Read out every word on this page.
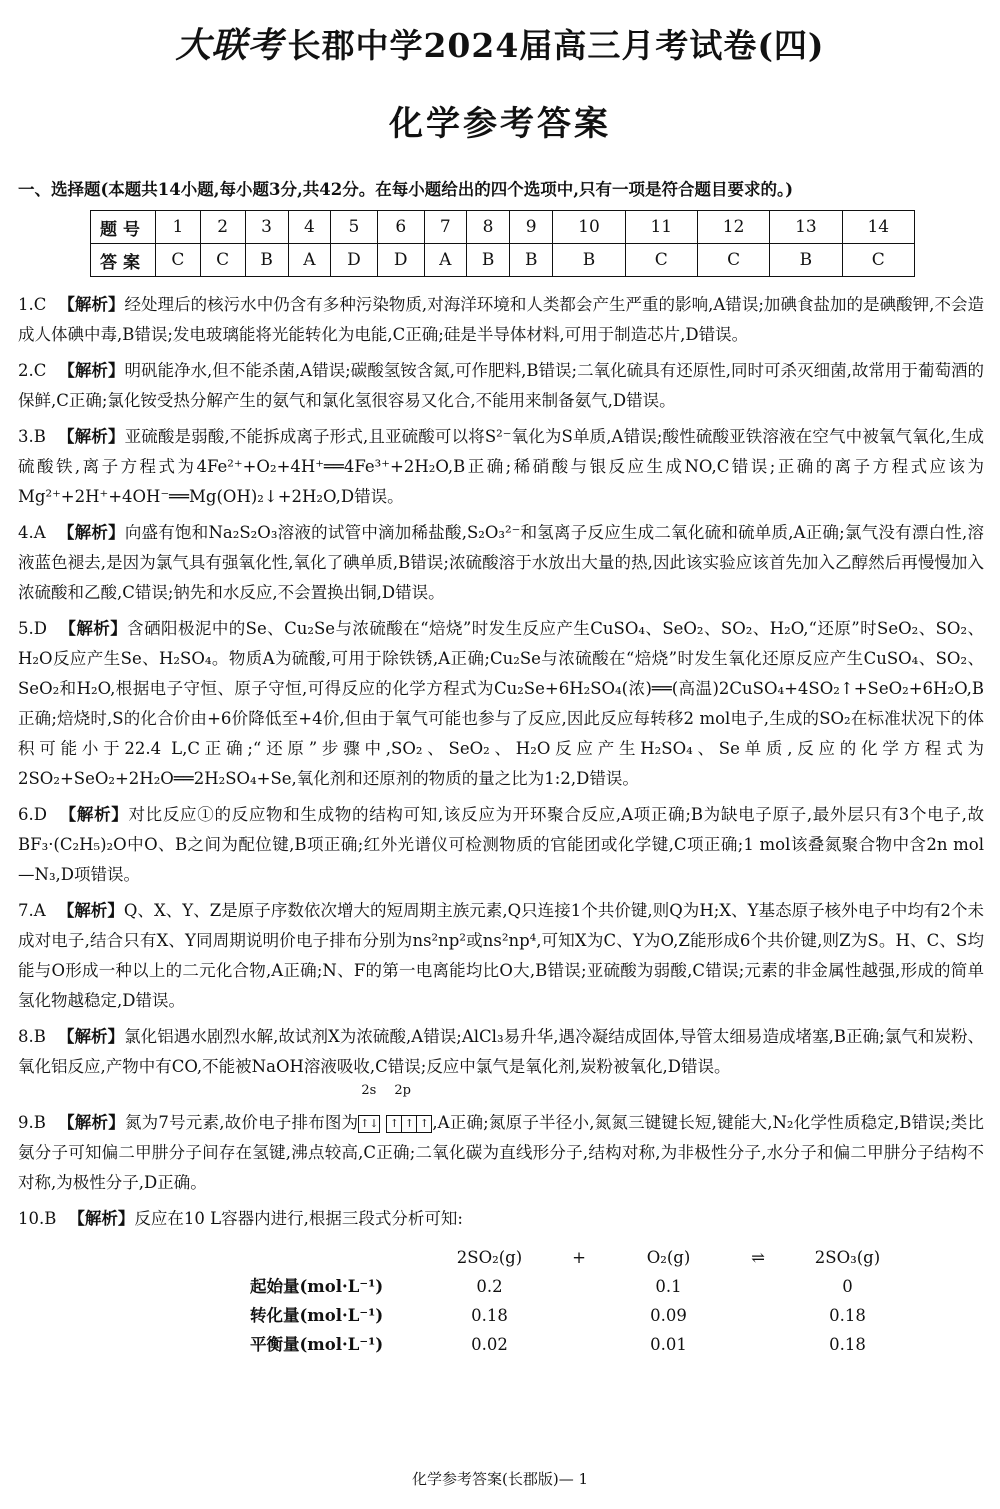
大联考 长郡中学2024届高三月考试卷(四)
化学参考答案
一、选择题(本题共14小题,每小题3分,共42分。在每小题给出的四个选项中,只有一项是符合题目要求的。)
题号	1	2	3	4	5	6	7	8	9	10	11	12	13	14
答案	C	C	B	A	D	D	A	B	B	B	C	C	B	C
1.C 【解析】经处理后的核污水中仍含有多种污染物质,对海洋环境和人类都会产生严重的影响,A错误;加碘食盐加的是碘酸钾,不会造成人体碘中毒,B错误;发电玻璃能将光能转化为电能,C正确;硅是半导体材料,可用于制造芯片,D错误。
2.C 【解析】明矾能净水,但不能杀菌,A错误;碳酸氢铵含氮,可作肥料,B错误;二氧化硫具有还原性,同时可杀灭细菌,故常用于葡萄酒的保鲜,C正确;氯化铵受热分解产生的氨气和氯化氢很容易又化合,不能用来制备氨气,D错误。
3.B 【解析】亚硫酸是弱酸,不能拆成离子形式,且亚硫酸可以将S²⁻氧化为S单质,A错误;酸性硫酸亚铁溶液在空气中被氧气氧化,生成硫酸铁,离子方程式为4Fe²⁺+O₂+4H⁺══4Fe³⁺+2H₂O,B正确;稀硝酸与银反应生成NO,C错误;正确的离子方程式应该为Mg²⁺+2H⁺+4OH⁻══Mg(OH)₂↓+2H₂O,D错误。
4.A 【解析】向盛有饱和Na₂S₂O₃溶液的试管中滴加稀盐酸,S₂O₃²⁻和氢离子反应生成二氧化硫和硫单质,A正确;氯气没有漂白性,溶液蓝色褪去,是因为氯气具有强氧化性,氧化了碘单质,B错误;浓硫酸溶于水放出大量的热,因此该实验应该首先加入乙醇然后再慢慢加入浓硫酸和乙酸,C错误;钠先和水反应,不会置换出铜,D错误。
5.D 【解析】含硒阳极泥中的Se、Cu₂Se与浓硫酸在“焙烧”时发生反应产生CuSO₄、SeO₂、SO₂、H₂O,“还原”时SeO₂、SO₂、H₂O反应产生Se、H₂SO₄。物质A为硫酸,可用于除铁锈,A正确;Cu₂Se与浓硫酸在“焙烧”时发生氧化还原反应产生CuSO₄、SO₂、SeO₂和H₂O,根据电子守恒、原子守恒,可得反应的化学方程式为Cu₂Se+6H₂SO₄(浓)══(高温)2CuSO₄+4SO₂↑+SeO₂+6H₂O,B正确;焙烧时,S的化合价由+6价降低至+4价,但由于氧气可能也参与了反应,因此反应每转移2 mol电子,生成的SO₂在标准状况下的体积可能小于22.4 L,C正确;“还原”步骤中,SO₂、SeO₂、H₂O反应产生H₂SO₄、Se单质,反应的化学方程式为2SO₂+SeO₂+2H₂O══2H₂SO₄+Se,氧化剂和还原剂的物质的量之比为1:2,D错误。
6.D 【解析】对比反应①的反应物和生成物的结构可知,该反应为开环聚合反应,A项正确;B为缺电子原子,最外层只有3个电子,故BF₃·(C₂H₅)₂O中O、B之间为配位键,B项正确;红外光谱仪可检测物质的官能团或化学键,C项正确;1 mol该叠氮聚合物中含2n mol —N₃,D项错误。
7.A 【解析】Q、X、Y、Z是原子序数依次增大的短周期主族元素,Q只连接1个共价键,则Q为H;X、Y基态原子核外电子中均有2个未成对电子,结合只有X、Y同周期说明价电子排布分别为ns²np²或ns²np⁴,可知X为C、Y为O,Z能形成6个共价键,则Z为S。H、C、S均能与O形成一种以上的二元化合物,A正确;N、F的第一电离能均比O大,B错误;亚硫酸为弱酸,C错误;元素的非金属性越强,形成的简单氢化物越稳定,D错误。
8.B 【解析】氯化铝遇水剧烈水解,故试剂X为浓硫酸,A错误;AlCl₃易升华,遇冷凝结成固体,导管太细易造成堵塞,B正确;氯气和炭粉、氧化铝反应,产物中有CO,不能被NaOH溶液吸收,C错误;反应中氯气是氧化剂,炭粉被氧化,D错误。
9.B 【解析】氮为7号元素,故价电子排布图为
2s 2p
↑↓ ↑ ↑ ↑ ,A正确;氮原子半径小,氮氮三键键长短,键能大,N₂化学性质稳定,B错误;类比氨分子可知偏二甲肼分子间存在氢键,沸点较高,C正确;二氧化碳为直线形分子,结构对称,为非极性分子,水分子和偏二甲肼分子结构不对称,为极性分子,D正确。
10.B 【解析】反应在10 L容器内进行,根据三段式分析可知:
	2SO₂(g)	+	O₂(g)	⇌	2SO₃(g)
起始量(mol·L⁻¹)	0.2		0.1		0
转化量(mol·L⁻¹)	0.18		0.09		0.18
平衡量(mol·L⁻¹)	0.02		0.01		0.18
化学参考答案(长郡版)— 1
